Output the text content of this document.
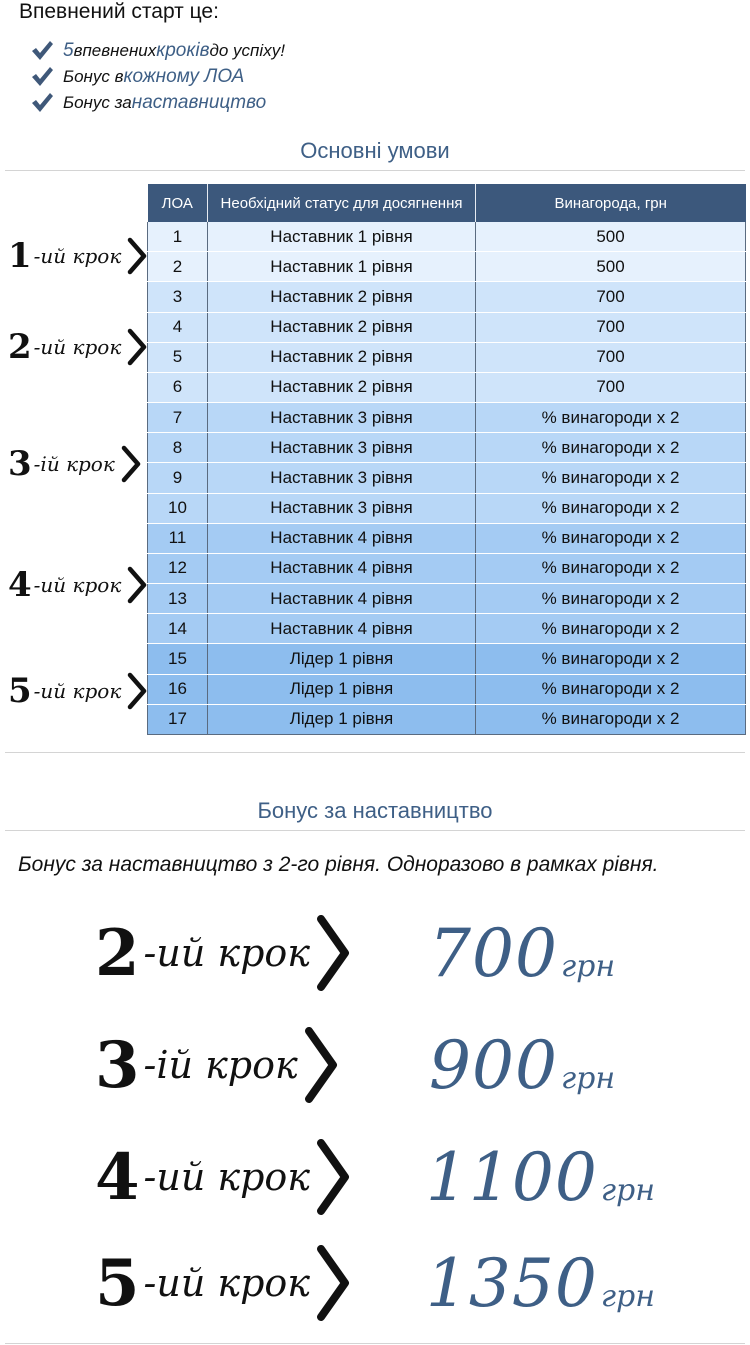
Впевнений старт це:
5 впевнених кроків до успіху!
Бонус в кожному ЛОА
Бонус за наставництво
Основні умови
1 -ий крок
2 -ий крок
3 -ій крок
4 -ий крок
5 -ий крок
ЛОА	Необхідний статус для досягнення	Винагорода, грн
1	Наставник 1 рівня	500
2	Наставник 1 рівня	500
3	Наставник 2 рівня	700
4	Наставник 2 рівня	700
5	Наставник 2 рівня	700
6	Наставник 2 рівня	700
7	Наставник 3 рівня	% винагороди х 2
8	Наставник 3 рівня	% винагороди х 2
9	Наставник 3 рівня	% винагороди х 2
10	Наставник 3 рівня	% винагороди х 2
11	Наставник 4 рівня	% винагороди х 2
12	Наставник 4 рівня	% винагороди х 2
13	Наставник 4 рівня	% винагороди х 2
14	Наставник 4 рівня	% винагороди х 2
15	Лідер 1 рівня	% винагороди х 2
16	Лідер 1 рівня	% винагороди х 2
17	Лідер 1 рівня	% винагороди х 2
Бонус за наставництво
Бонус за наставництво з 2-го рівня. Одноразово в рамках рівня.
2 -ий крок 700 грн
3 -ій крок 900 грн
4 -ий крок 1100 грн
5 -ий крок 1350 грн
